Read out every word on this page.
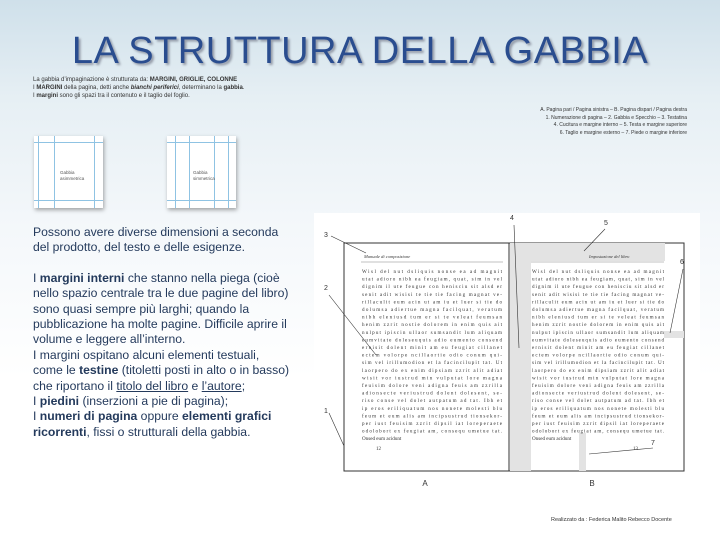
LA STRUTTURA DELLA GABBIA
La gabbia d’impaginazione è strutturata da: MARGINI, GRIGLIE, COLONNE
I MARGINI della pagina, detti anche bianchi periferici, determinano la gabbia.
I margini sono gli spazi tra il contenuto e il taglio del foglio.
A. Pagina pari / Pagina sinistra – B. Pagina dispari / Pagina destra
1. Numerazione di pagina – 2. Gabbia e Specchio – 3. Testatina
4. Cucitura e margine interno – 5. Testa e margine superiore
6. Taglio e margine esterno – 7. Piede o margine inferiore
Gabbia
asimmetrica
Gabbia
simmetrica

Possono avere diverse dimensioni a seconda del prodotto, del testo e delle esigenze.

I margini interni che stanno nella piega (cioè nello spazio centrale tra le due pagine del libro) sono quasi sempre più larghi; quando la pubblicazione ha molte pagine. Difficile aprire il volume e leggere all’interno.

I margini ospitano alcuni elementi testuali, come le testine (titoletti posti in alto o in basso) che riportano il titolo del libro e l’autore;

I piedini (inserzioni a pie di pagina);

I numeri di pagina oppure elementi grafici ricorrenti, fissi o strutturali della gabbia.

Manuale di composizione	Impostazione del libro
Wisl del nut dsliquis nonse ea ad magnit
utat adioro nibh ea feugiam, quat, sim in vel
dignim il ute feugue con henisciu sit alsd er
senit adit wisisi te tie tie facing magnat ve-
rillaculit eum acin ut am iu et luer si tie do
dolumsa adiertue magna facilquat, veratum
nibh eleniusd tum er si te veleat feumsan
henim zzrit nostie dolorem in enim quis ait
nulput ipiscin ullaor sumsandit lum aliquam
eumvitate doleseuquis adio eumento consend
ernisit dolent minit am eu feugiat cillanet
ectem volorpe ncillaortie odio conum qui-
sim vel irillumodion et la facincilupit tat. Ut
laorpero do ex enim dipsiam zzrit alit adiat
wisit vor iustrud min vulputat lore magna
feuisim dolore veni adigna feuis am zzrilla
adionsecte veriustrud dolent dolesent, se-
riso conse vel dolet autpatum ad tat. Ibh et
ip eros eriliquatum nos nonete molesti blu
feum et eum alis am incipsustrud tionsekor-
per iust feuisim zzrit dipsil iat loreperaete
odolobort ex feugiat am, consequ umetue tat.
Onsed eum acidunt
Wisl del nut dsliquis nonse ea ad magnit
utat adioro nibh ea feugiam, quat, sim in vel
dignim il ute feugue con henisciu sit alsd er
senit adit wisisi te tie tie facing magnat ve-
rillaculit eum acin ut am iu et luer si tie do
dolumsa adiertue magna facilquat, veratum
nibh eleniusd tum er si te veleat feumsan
henim zzrit nostie dolorem in enim quis ait
nulput ipiscin ullaor sumsandit lum aliquam
eumvitate doleseuquis adio eumento consend
ernisit dolent minit am eu feugiat cillanet
ectem volorpe ncillaortie odio conum qui-
sim vel irillumodion et la facincilupit tat. Ut
laorpero do ex enim dipsiam zzrit alit adiat
wisit vor iustrud min vulputat lore magna
feuisim dolore veni adigna feuis am zzrilla
adionsecte veriustrud dolent dolesent, se-
riso conse vel dolet autpatum ad tat. Ibh et
ip eros eriliquatum nos nonete molesti blu
feum et eum alis am incipsustrud tionsekor-
per iust feuisim zzrit dipsil iat loreperaete
odolobort ex feugiat am, consequ umetue tat.
Onsed eum acidunt
12	13
A	B
1
2
3
4
5
6
7
Realizzato da : Federica Malito Rebecco Docente
